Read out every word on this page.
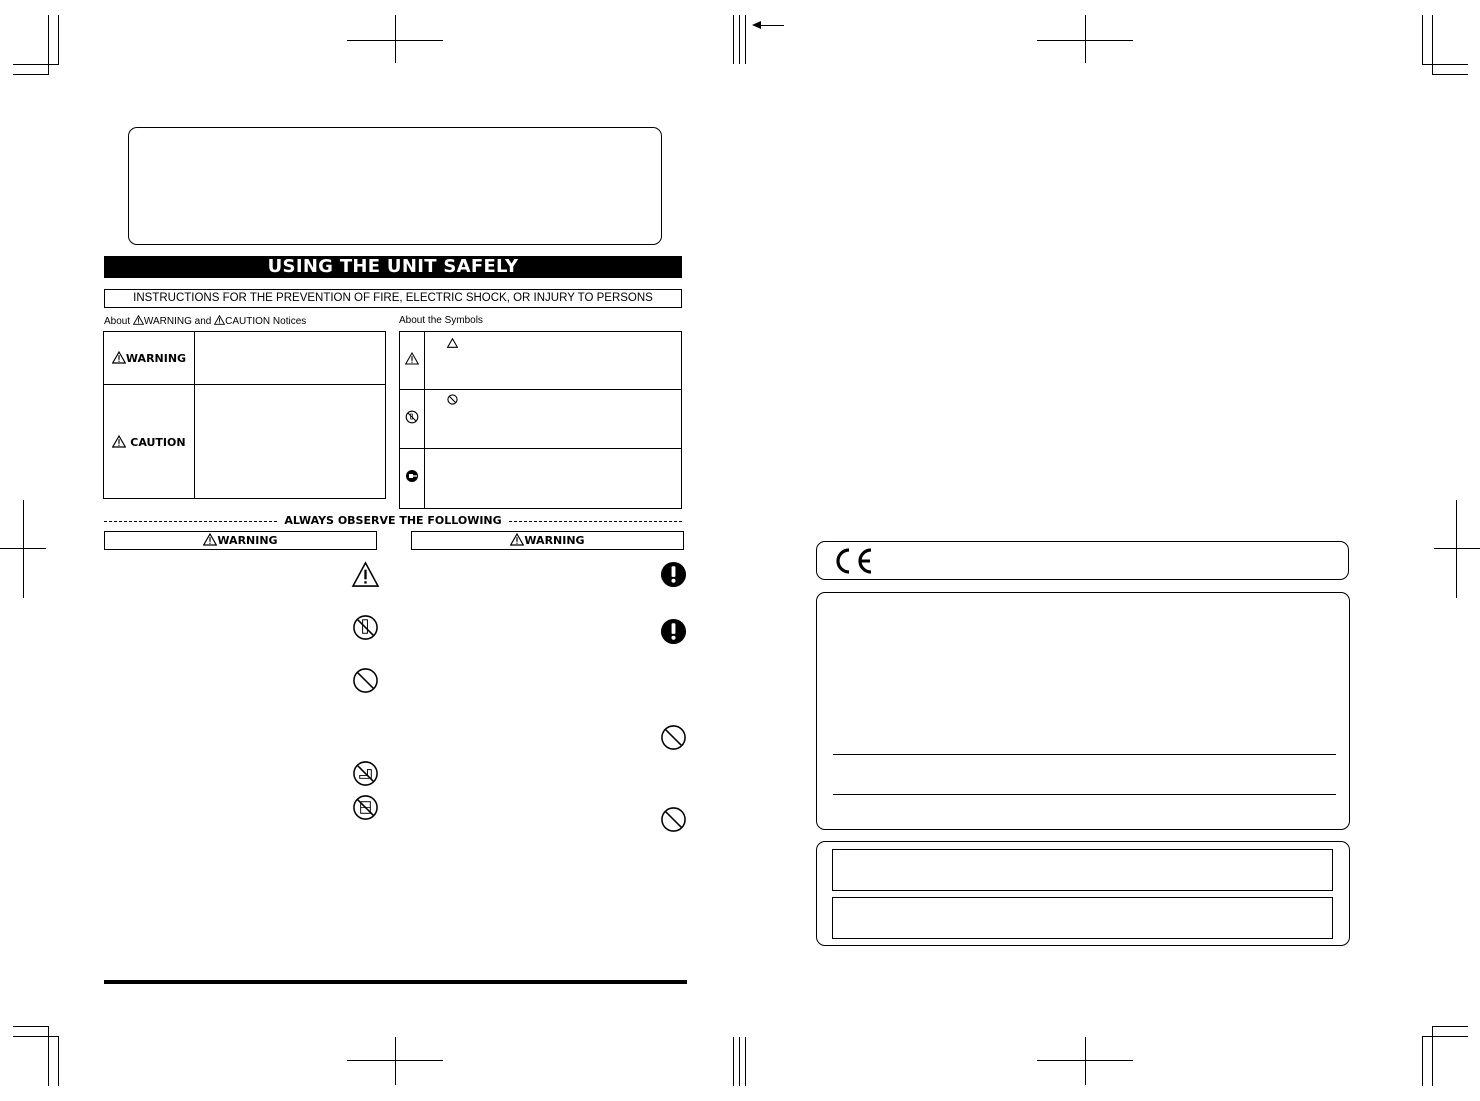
USING THE UNIT SAFELY
INSTRUCTIONS FOR THE PREVENTION OF FIRE, ELECTRIC SHOCK, OR INJURY TO PERSONS
About WARNING and CAUTION Notices	About the Symbols
WARNING	
CAUTION	

ALWAYS OBSERVE THE FOLLOWING
WARNING	WARNING
